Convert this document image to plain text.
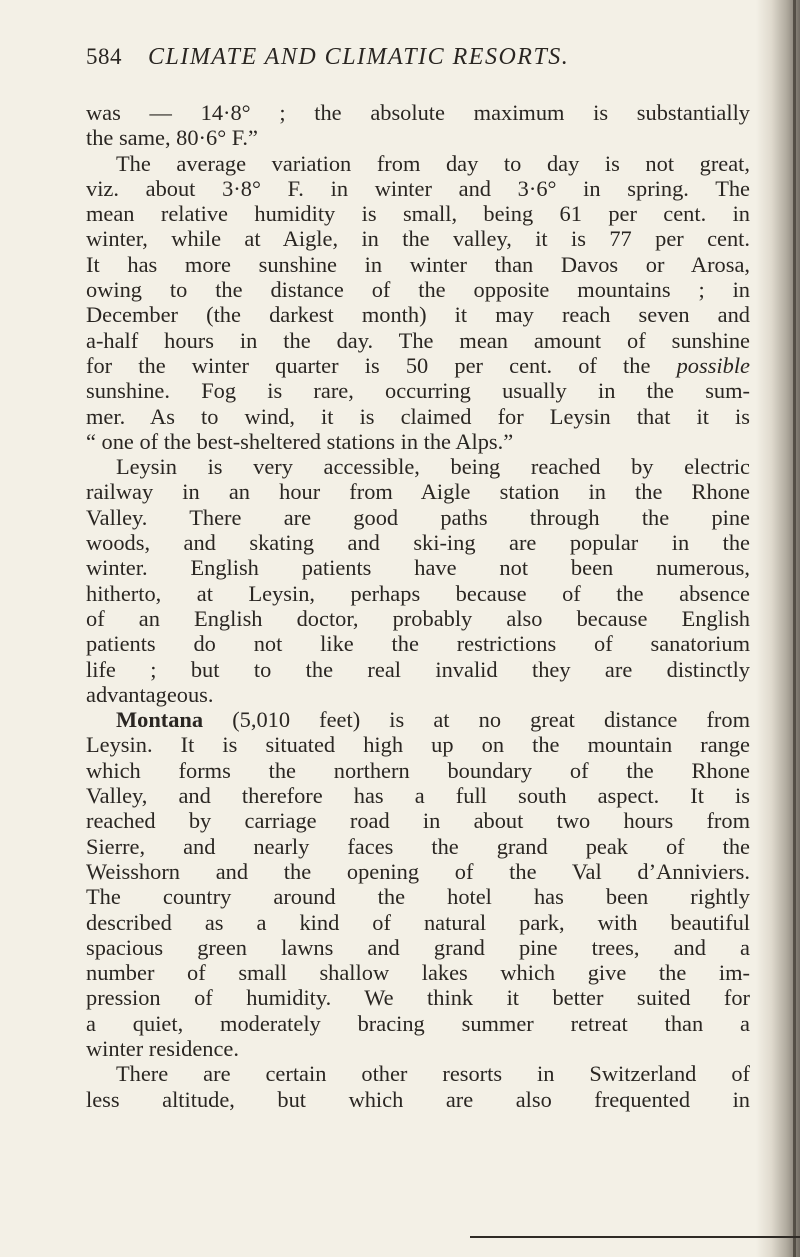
584 CLIMATE AND CLIMATIC RESORTS.
was — 14·8° ; the absolute maximum is substantially
the same, 80·6° F.”
The average variation from day to day is not great,
viz. about 3·8° F. in winter and 3·6° in spring. The
mean relative humidity is small, being 61 per cent. in
winter, while at Aigle, in the valley, it is 77 per cent.
It has more sunshine in winter than Davos or Arosa,
owing to the distance of the opposite mountains ; in
December (the darkest month) it may reach seven and
a-half hours in the day. The mean amount of sunshine
for the winter quarter is 50 per cent. of the possible
sunshine. Fog is rare, occurring usually in the sum-
mer. As to wind, it is claimed for Leysin that it is
“ one of the best-sheltered stations in the Alps.”
Leysin is very accessible, being reached by electric
railway in an hour from Aigle station in the Rhone
Valley. There are good paths through the pine
woods, and skating and ski-ing are popular in the
winter. English patients have not been numerous,
hitherto, at Leysin, perhaps because of the absence
of an English doctor, probably also because English
patients do not like the restrictions of sanatorium
life ; but to the real invalid they are distinctly
advantageous.
Montana (5,010 feet) is at no great distance from
Leysin. It is situated high up on the mountain range
which forms the northern boundary of the Rhone
Valley, and therefore has a full south aspect. It is
reached by carriage road in about two hours from
Sierre, and nearly faces the grand peak of the
Weisshorn and the opening of the Val d’Anniviers.
The country around the hotel has been rightly
described as a kind of natural park, with beautiful
spacious green lawns and grand pine trees, and a
number of small shallow lakes which give the im-
pression of humidity. We think it better suited for
a quiet, moderately bracing summer retreat than a
winter residence.
There are certain other resorts in Switzerland of
less altitude, but which are also frequented in
